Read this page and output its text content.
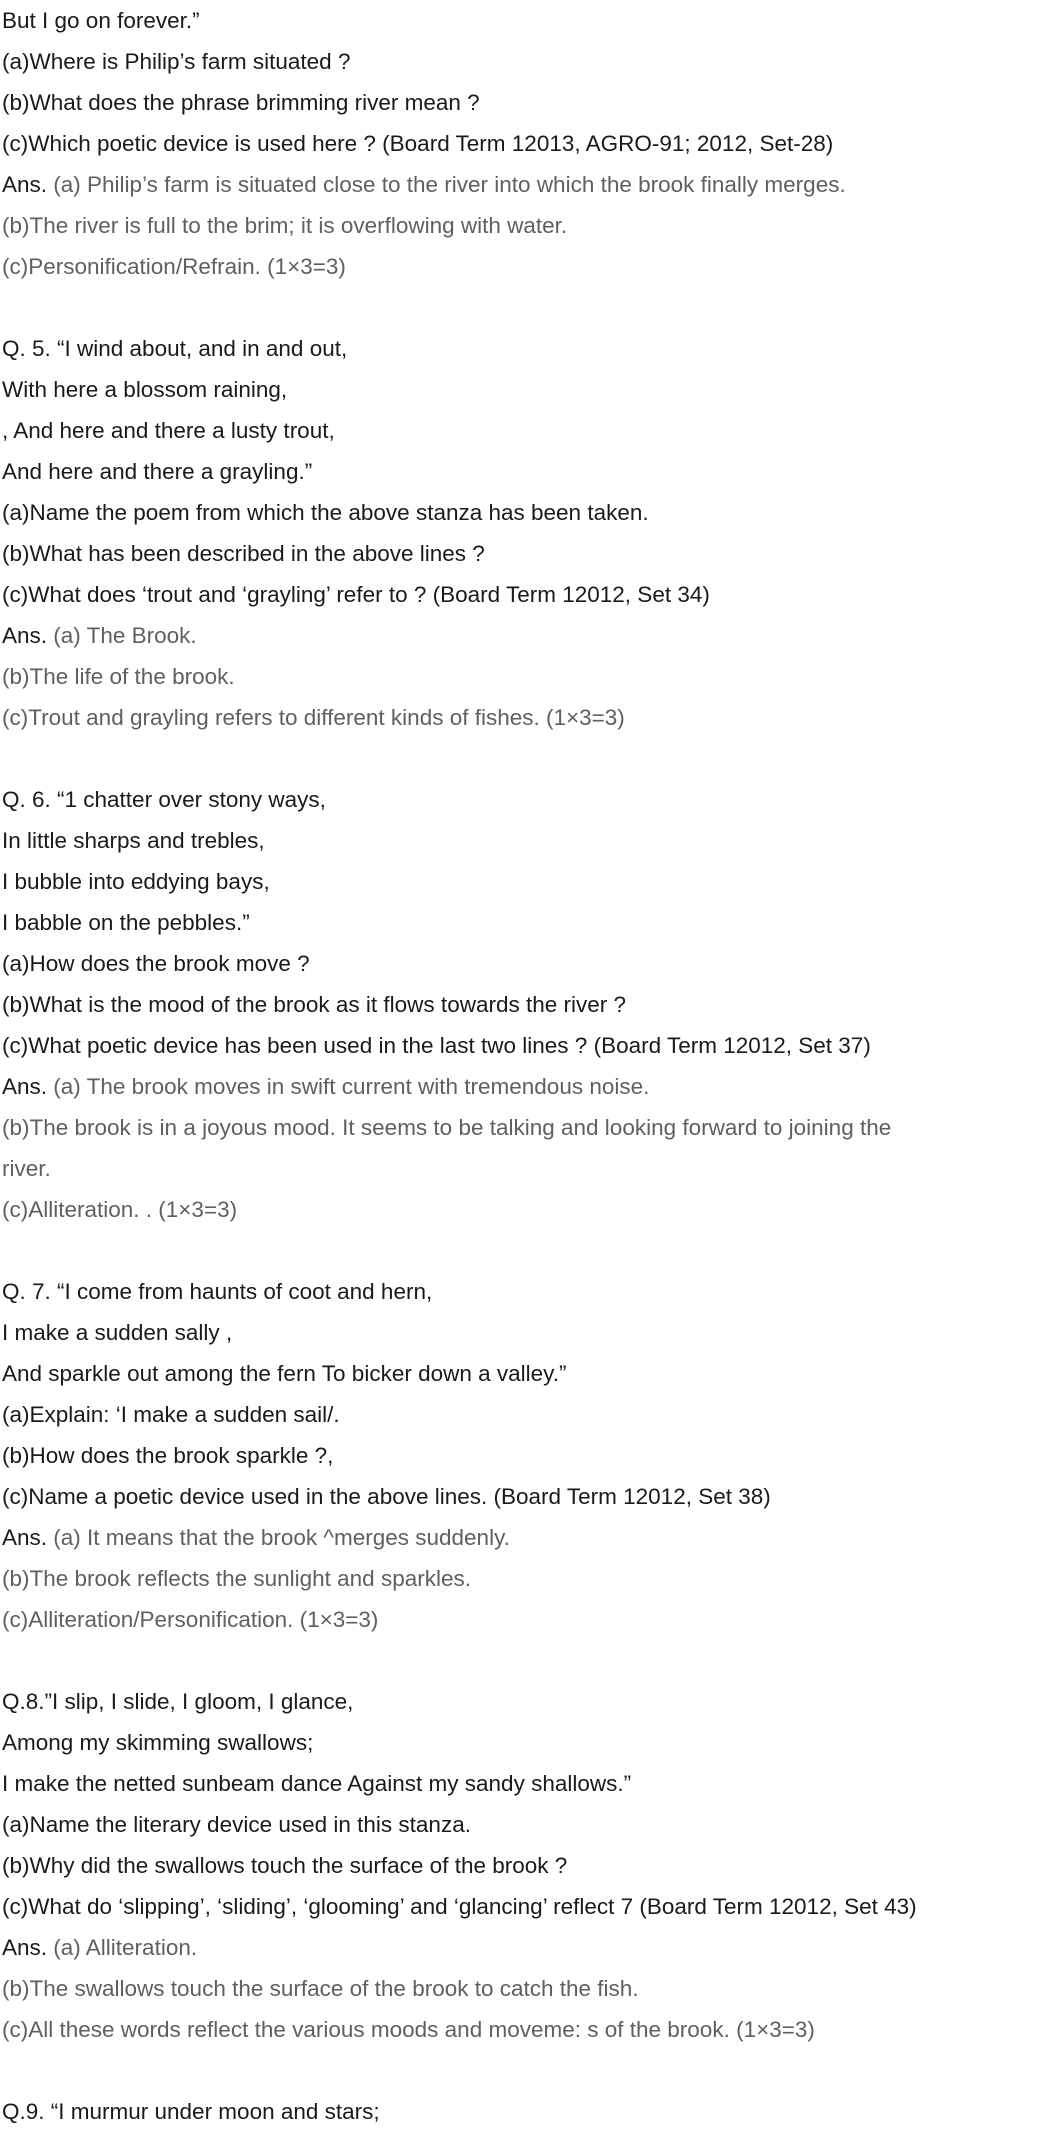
But I go on forever.”

(a)Where is Philip’s farm situated ?

(b)What does the phrase brimming river mean ?

(c)Which poetic device is used here ? (Board Term 12013, AGRO-91; 2012, Set-28)

Ans. (a) Philip’s farm is situated close to the river into which the brook finally merges.

(b)The river is full to the brim; it is overflowing with water.

(c)Personification/Refrain. (1×3=3)

Q. 5. “I wind about, and in and out,

With here a blossom raining,

, And here and there a lusty trout,

And here and there a grayling.”

(a)Name the poem from which the above stanza has been taken.

(b)What has been described in the above lines ?

(c)What does ‘trout and ‘grayling’ refer to ? (Board Term 12012, Set 34)

Ans. (a) The Brook.

(b)The life of the brook.

(c)Trout and grayling refers to different kinds of fishes. (1×3=3)

Q. 6. “1 chatter over stony ways,

In little sharps and trebles,

I bubble into eddying bays,

I babble on the pebbles.”

(a)How does the brook move ?

(b)What is the mood of the brook as it flows towards the river ?

(c)What poetic device has been used in the last two lines ? (Board Term 12012, Set 37)

Ans. (a) The brook moves in swift current with tremendous noise.

(b)The brook is in a joyous mood. It seems to be talking and looking forward to joining the

river.

(c)Alliteration. . (1×3=3)

Q. 7. “I come from haunts of coot and hern,

I make a sudden sally ,

And sparkle out among the fern To bicker down a valley.”

(a)Explain: ‘I make a sudden sail/.

(b)How does the brook sparkle ?,

(c)Name a poetic device used in the above lines. (Board Term 12012, Set 38)

Ans. (a) It means that the brook ^merges suddenly.

(b)The brook reflects the sunlight and sparkles.

(c)Alliteration/Personification. (1×3=3)

Q.8.”I slip, I slide, I gloom, I glance,

Among my skimming swallows;

I make the netted sunbeam dance Against my sandy shallows.”

(a)Name the literary device used in this stanza.

(b)Why did the swallows touch the surface of the brook ?

(c)What do ‘slipping’, ‘sliding’, ‘glooming’ and ‘glancing’ reflect 7 (Board Term 12012, Set 43)

Ans. (a) Alliteration.

(b)The swallows touch the surface of the brook to catch the fish.

(c)All these words reflect the various moods and moveme: s of the brook. (1×3=3)

Q.9. “I murmur under moon and stars;
